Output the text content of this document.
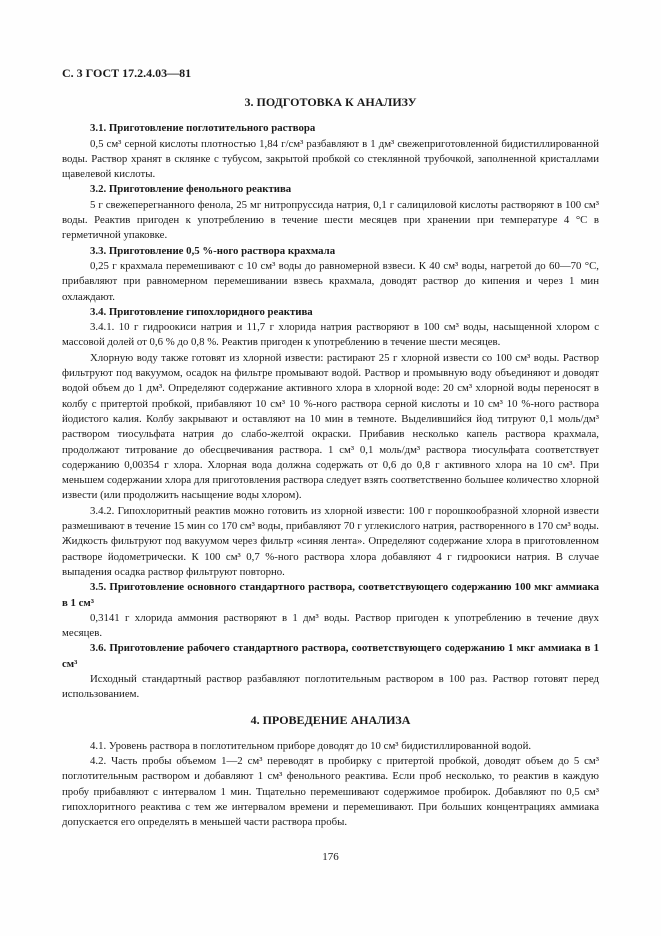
С. 3 ГОСТ 17.2.4.03—81
3. ПОДГОТОВКА К АНАЛИЗУ
3.1. Приготовление поглотительного раствора

0,5 см³ серной кислоты плотностью 1,84 г/см³ разбавляют в 1 дм³ свежеприготовленной бидистиллированной воды. Раствор хранят в склянке с тубусом, закрытой пробкой со стеклянной трубочкой, заполненной кристаллами щавелевой кислоты.

3.2. Приготовление фенольного реактива

5 г свежеперегнанного фенола, 25 мг нитропруссида натрия, 0,1 г салициловой кислоты растворяют в 100 см³ воды. Реактив пригоден к употреблению в течение шести месяцев при хранении при температуре 4 °С в герметичной упаковке.

3.3. Приготовление 0,5 %-ного раствора крахмала

0,25 г крахмала перемешивают с 10 см³ воды до равномерной взвеси. К 40 см³ воды, нагретой до 60—70 °С, прибавляют при равномерном перемешивании взвесь крахмала, доводят раствор до кипения и через 1 мин охлаждают.

3.4. Приготовление гипохлоридного реактива

3.4.1. 10 г гидроокиси натрия и 11,7 г хлорида натрия растворяют в 100 см³ воды, насыщенной хлором с массовой долей от 0,6 % до 0,8 %. Реактив пригоден к употреблению в течение шести месяцев.

Хлорную воду также готовят из хлорной извести: растирают 25 г хлорной извести со 100 см³ воды. Раствор фильтруют под вакуумом, осадок на фильтре промывают водой. Раствор и промывную воду объединяют и доводят водой объем до 1 дм³. Определяют содержание активного хлора в хлорной воде: 20 см³ хлорной воды переносят в колбу с притертой пробкой, прибавляют 10 см³ 10 %-ного раствора серной кислоты и 10 см³ 10 %-ного раствора йодистого калия. Колбу закрывают и оставляют на 10 мин в темноте. Выделившийся йод титруют 0,1 моль/дм³ раствором тиосульфата натрия до слабо-желтой окраски. Прибавив несколько капель раствора крахмала, продолжают титрование до обесцвечивания раствора. 1 см³ 0,1 моль/дм³ раствора тиосульфата соответствует содержанию 0,00354 г хлора. Хлорная вода должна содержать от 0,6 до 0,8 г активного хлора на 10 см³. При меньшем содержании хлора для приготовления раствора следует взять соответственно большее количество хлорной извести (или продолжить насыщение воды хлором).

3.4.2. Гипохлоритный реактив можно готовить из хлорной извести: 100 г порошкообразной хлорной извести размешивают в течение 15 мин со 170 см³ воды, прибавляют 70 г углекислого натрия, растворенного в 170 см³ воды. Жидкость фильтруют под вакуумом через фильтр «синяя лента». Определяют содержание хлора в приготовленном растворе йодометрически. К 100 см³ 0,7 %-ного раствора хлора добавляют 4 г гидроокиси натрия. В случае выпадения осадка раствор фильтруют повторно.

3.5. Приготовление основного стандартного раствора, соответствующего содержанию 100 мкг аммиака в 1 см³

0,3141 г хлорида аммония растворяют в 1 дм³ воды. Раствор пригоден к употреблению в течение двух месяцев.

3.6. Приготовление рабочего стандартного раствора, соответствующего содержанию 1 мкг аммиака в 1 см³

Исходный стандартный раствор разбавляют поглотительным раствором в 100 раз. Раствор готовят перед использованием.

4. ПРОВЕДЕНИЕ АНАЛИЗА

4.1. Уровень раствора в поглотительном приборе доводят до 10 см³ бидистиллированной водой.

4.2. Часть пробы объемом 1—2 см³ переводят в пробирку с притертой пробкой, доводят объем до 5 см³ поглотительным раствором и добавляют 1 см³ фенольного реактива. Если проб несколько, то реактив в каждую пробу прибавляют с интервалом 1 мин. Тщательно перемешивают содержимое пробирок. Добавляют по 0,5 см³ гипохлоритного реактива с тем же интервалом времени и перемешивают. При больших концентрациях аммиака допускается его определять в меньшей части раствора пробы.

176
